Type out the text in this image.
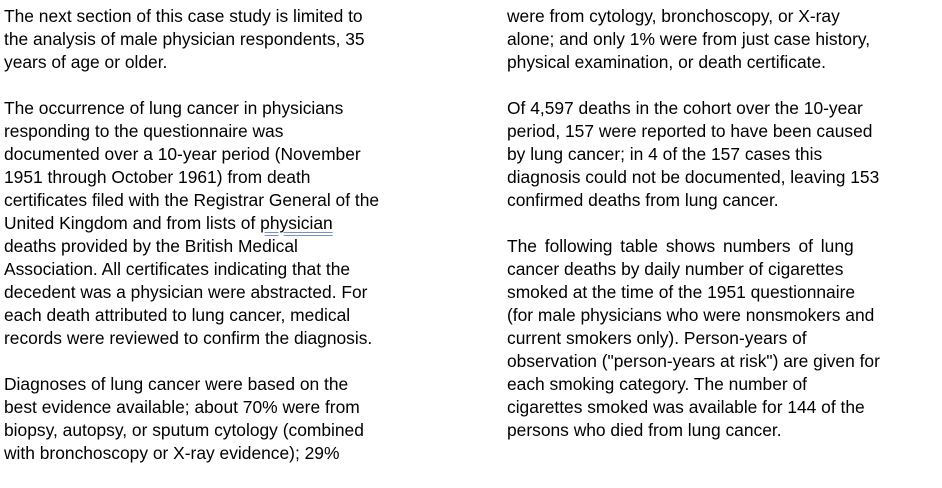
The next section of this case study is limited to
the analysis of male physician respondents, 35
years of age or older.

The occurrence of lung cancer in physicians
responding to the questionnaire was
documented over a 10-year period (November
1951 through October 1961) from death
certificates filed with the Registrar General of the
United Kingdom and from lists of physician
deaths provided by the British Medical
Association. All certificates indicating that the
decedent was a physician were abstracted. For
each death attributed to lung cancer, medical
records were reviewed to confirm the diagnosis.

Diagnoses of lung cancer were based on the
best evidence available; about 70% were from
biopsy, autopsy, or sputum cytology (combined
with bronchoscopy or X-ray evidence); 29%

were from cytology, bronchoscopy, or X-ray
alone; and only 1% were from just case history,
physical examination, or death certificate.

Of 4,597 deaths in the cohort over the 10-year
period, 157 were reported to have been caused
by lung cancer; in 4 of the 157 cases this
diagnosis could not be documented, leaving 153
confirmed deaths from lung cancer.

The following table shows numbers of lung
cancer deaths by daily number of cigarettes
smoked at the time of the 1951 questionnaire
(for male physicians who were nonsmokers and
current smokers only). Person-years of
observation ("person-years at risk") are given for
each smoking category. The number of
cigarettes smoked was available for 144 of the
persons who died from lung cancer.
